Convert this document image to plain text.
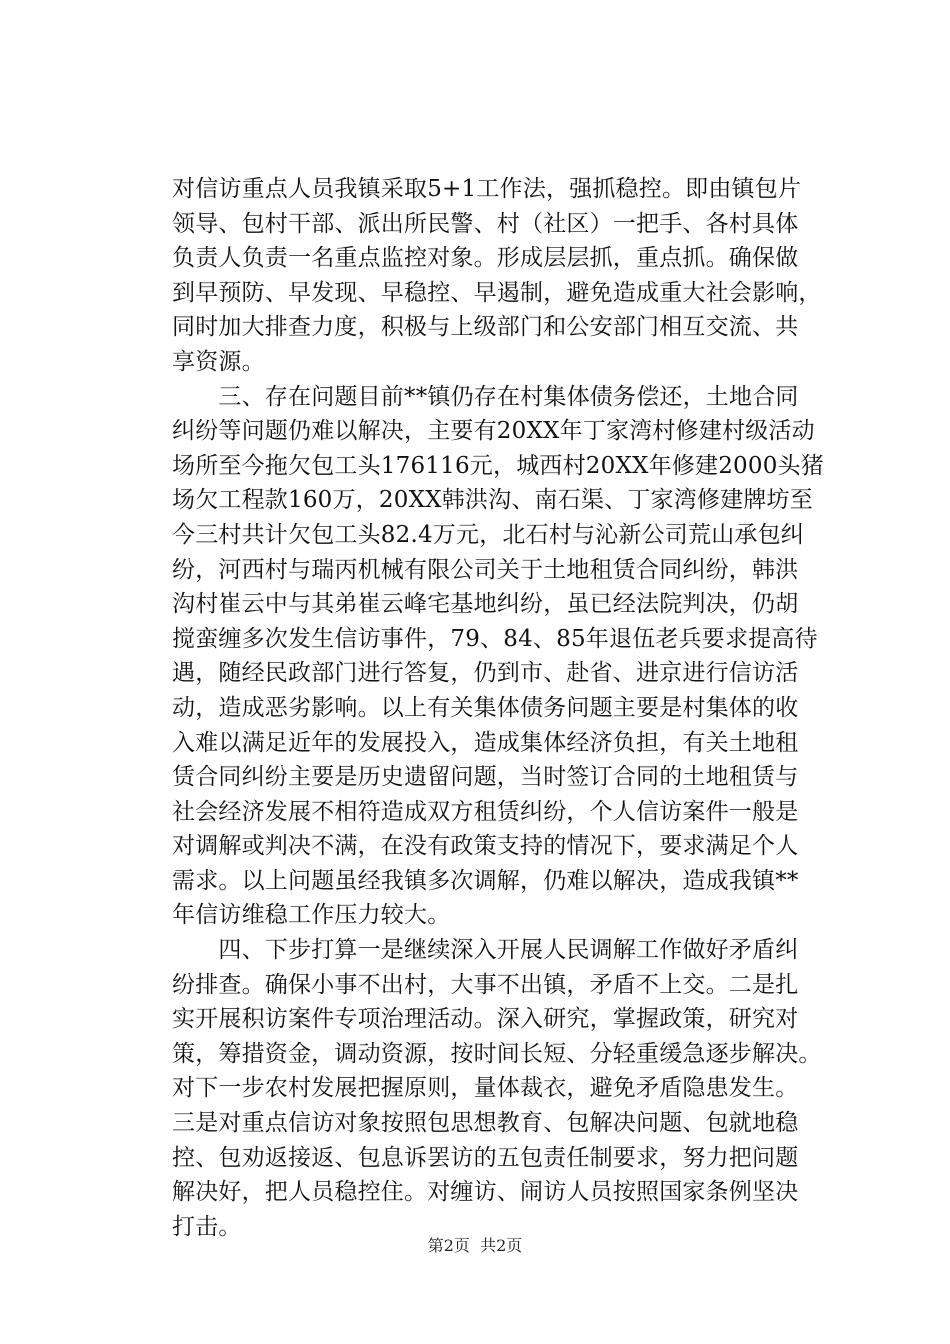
对信访重点人员我镇采取5+1工作法，强抓稳控。即由镇包片
领导、包村干部、派出所民警、村（社区）一把手、各村具体
负责人负责一名重点监控对象。形成层层抓，重点抓。确保做
到早预防、早发现、早稳控、早遏制，避免造成重大社会影响，
同时加大排查力度，积极与上级部门和公安部门相互交流、共
享资源。
　　三、存在问题目前**镇仍存在村集体债务偿还，土地合同
纠纷等问题仍难以解决，主要有20XX年丁家湾村修建村级活动
场所至今拖欠包工头176116元，城西村20XX年修建2000头猪
场欠工程款160万，20XX韩洪沟、南石渠、丁家湾修建牌坊至
今三村共计欠包工头82.4万元，北石村与沁新公司荒山承包纠
纷，河西村与瑞丙机械有限公司关于土地租赁合同纠纷，韩洪
沟村崔云中与其弟崔云峰宅基地纠纷，虽已经法院判决，仍胡
搅蛮缠多次发生信访事件，79、84、85年退伍老兵要求提高待
遇，随经民政部门进行答复，仍到市、赴省、进京进行信访活
动，造成恶劣影响。以上有关集体债务问题主要是村集体的收
入难以满足近年的发展投入，造成集体经济负担，有关土地租
赁合同纠纷主要是历史遗留问题，当时签订合同的土地租赁与
社会经济发展不相符造成双方租赁纠纷，个人信访案件一般是
对调解或判决不满，在没有政策支持的情况下，要求满足个人
需求。以上问题虽经我镇多次调解，仍难以解决，造成我镇**
年信访维稳工作压力较大。
　　四、下步打算一是继续深入开展人民调解工作做好矛盾纠
纷排查。确保小事不出村，大事不出镇，矛盾不上交。二是扎
实开展积访案件专项治理活动。深入研究，掌握政策，研究对
策，筹措资金，调动资源，按时间长短、分轻重缓急逐步解决。
对下一步农村发展把握原则，量体裁衣，避免矛盾隐患发生。
三是对重点信访对象按照包思想教育、包解决问题、包就地稳
控、包劝返接返、包息诉罢访的五包责任制要求，努力把问题
解决好，把人员稳控住。对缠访、闹访人员按照国家条例坚决
打击。
第2页  共2页
